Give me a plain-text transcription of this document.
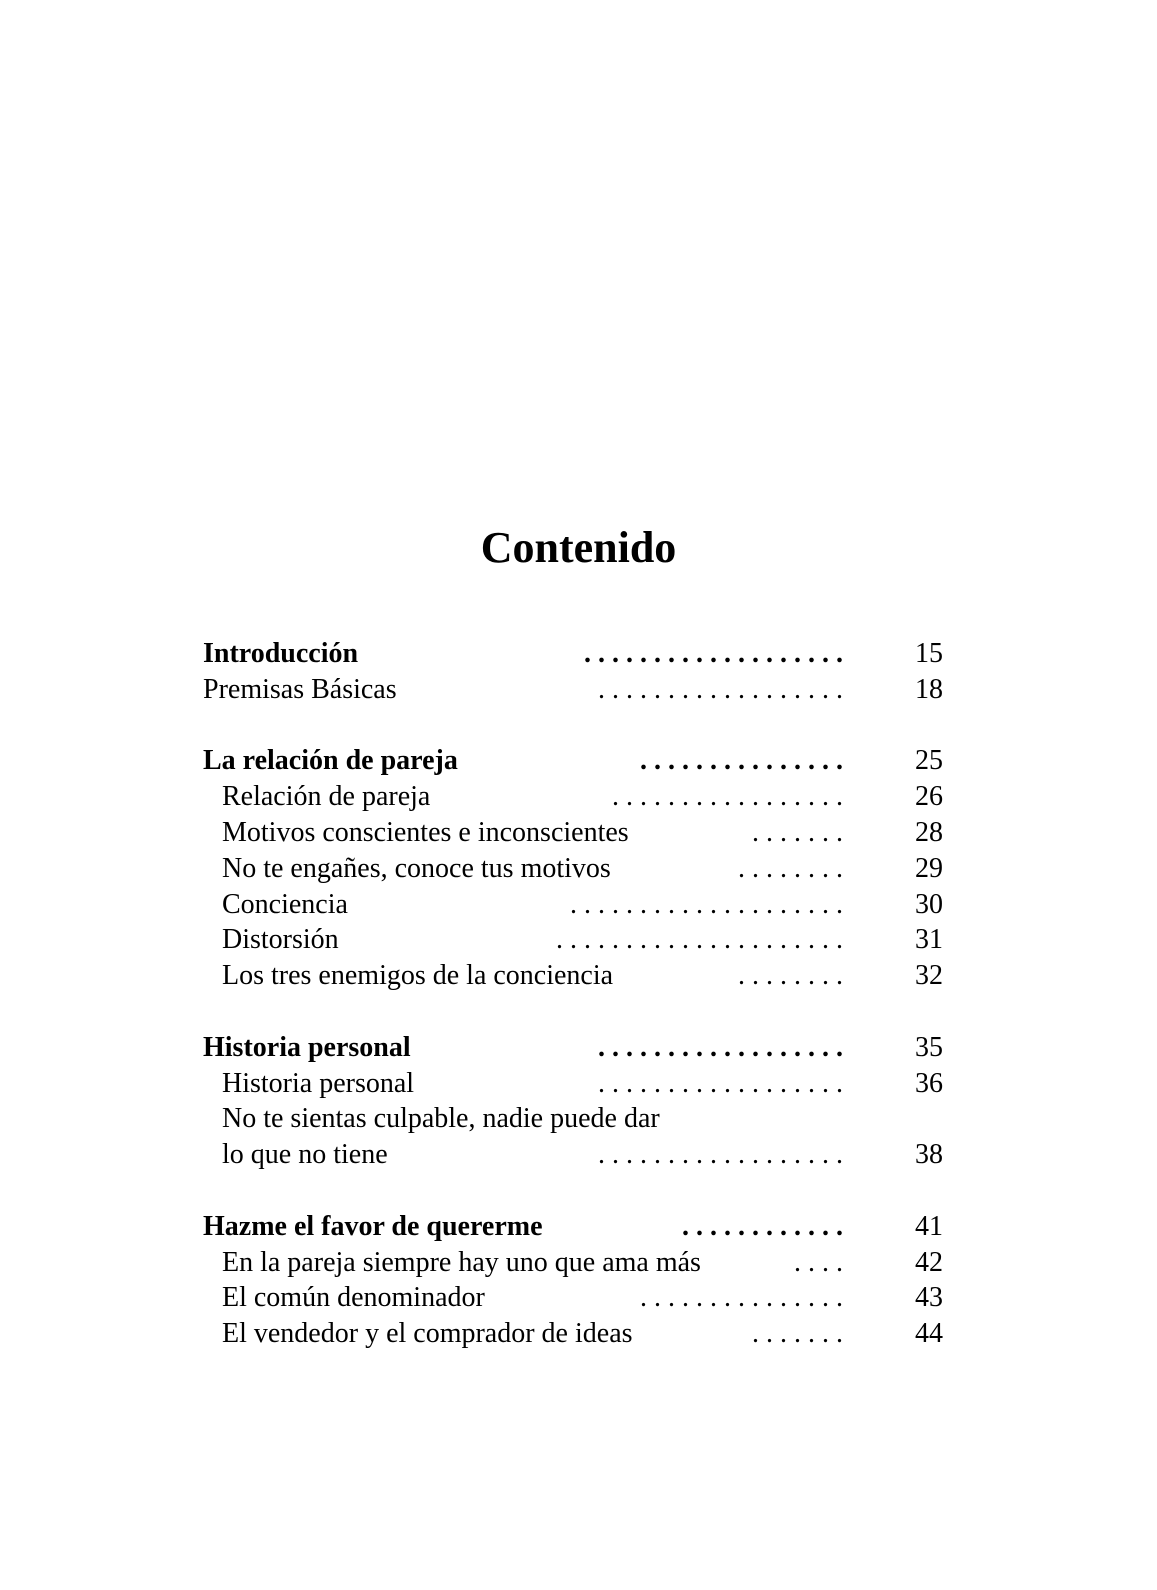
Contenido
. . . . . . . . . . . . . . . . . . .
Introducción	15
. . . . . . . . . . . . . . . . . .
Premisas Básicas	18
. . . . . . . . . . . . . . .
La relación de pareja	25
. . . . . . . . . . . . . . . . .
Relación de pareja	26
. . . . . . .
Motivos conscientes e inconscientes	28
. . . . . . . .
No te engañes, conoce tus motivos	29
. . . . . . . . . . . . . . . . . . . .
Conciencia	30
. . . . . . . . . . . . . . . . . . . . .
Distorsión	31
. . . . . . . .
Los tres enemigos de la conciencia	32
. . . . . . . . . . . . . . . . . .
Historia personal	35
. . . . . . . . . . . . . . . . . .
Historia personal	36
No te sientas culpable, nadie puede dar
. . . . . . . . . . . . . . . . . .
lo que no tiene	38
. . . . . . . . . . . .
Hazme el favor de quererme	41
. . . .
En la pareja siempre hay uno que ama más	42
. . . . . . . . . . . . . . .
El común denominador	43
. . . . . . .
El vendedor y el comprador de ideas	44
